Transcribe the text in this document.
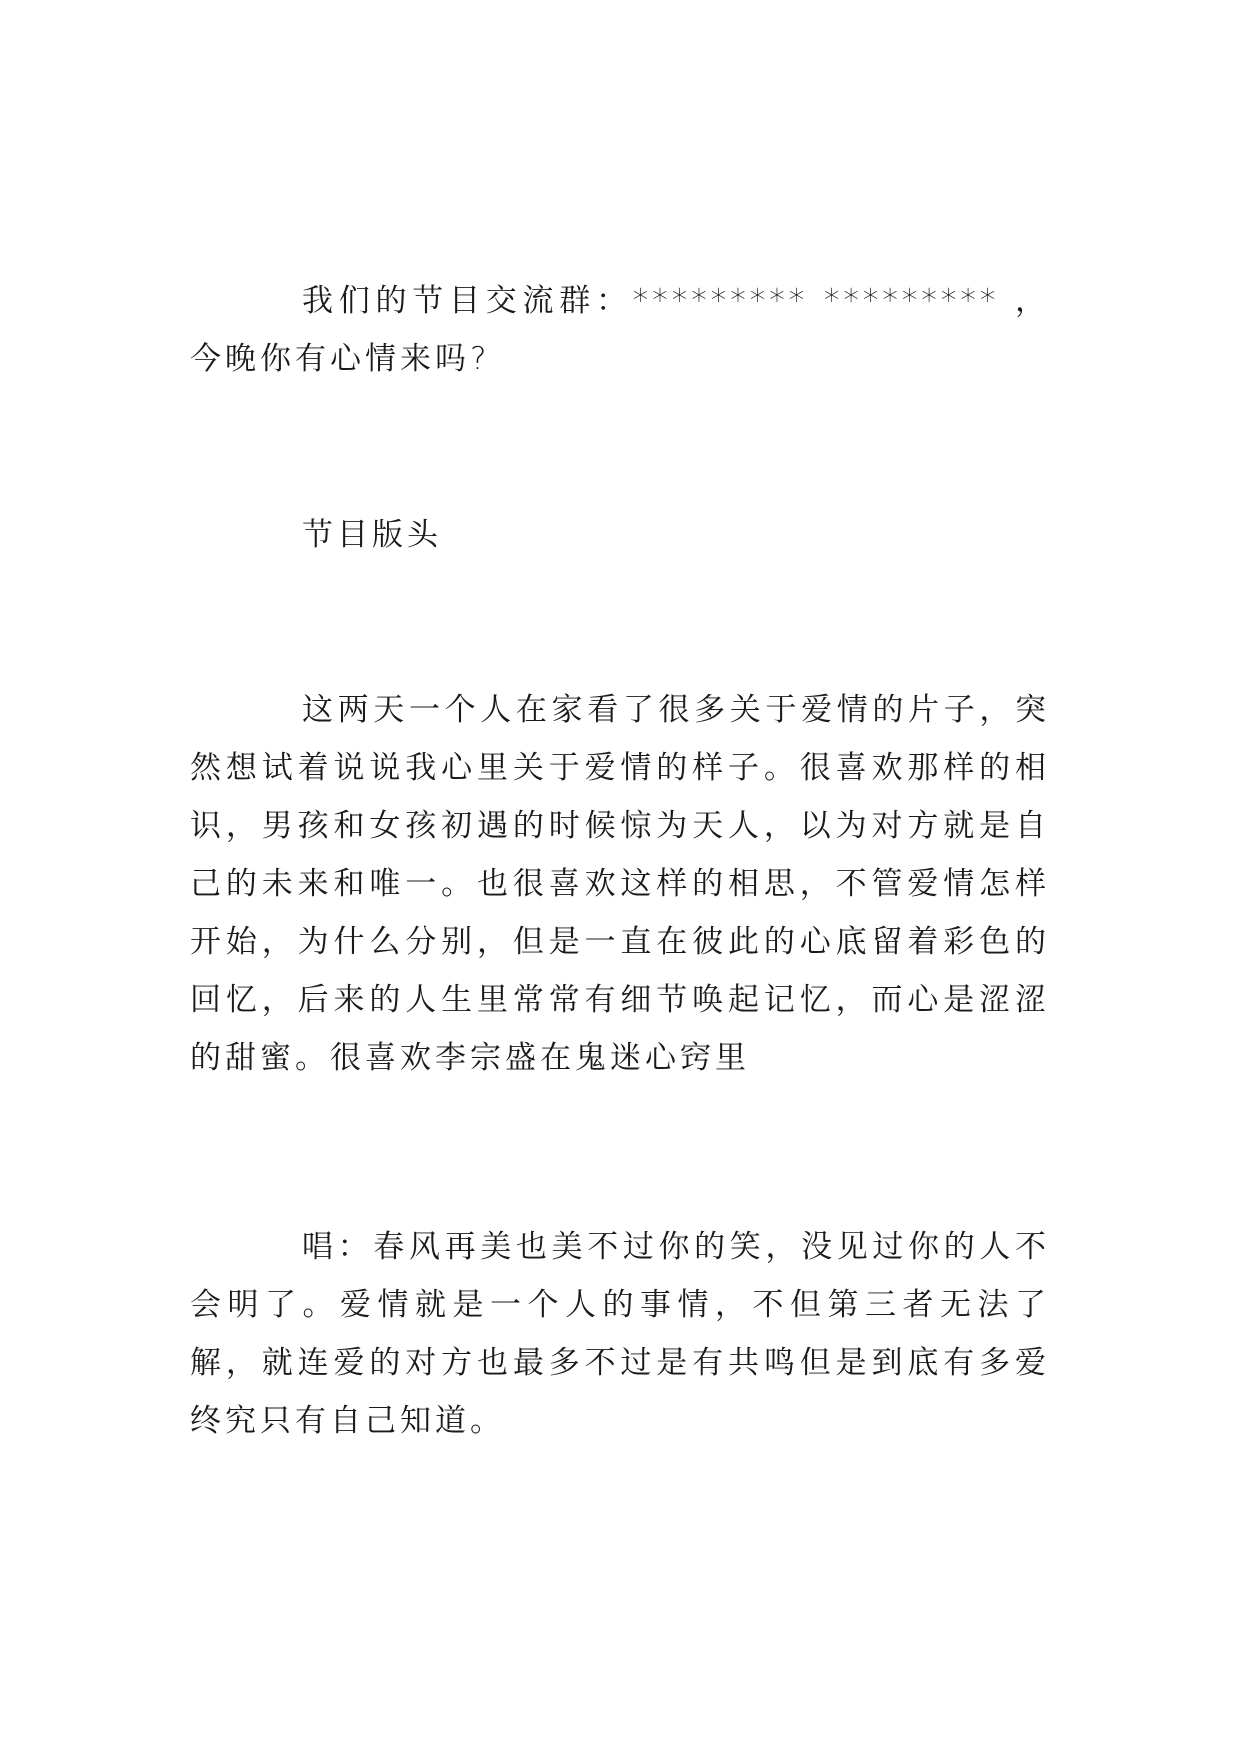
我们的节目交流群：********* ********* ，今晚你有心情来吗?

节目版头

这两天一个人在家看了很多关于爱情的片子，突然想试着说说我心里关于爱情的样子。很喜欢那样的相识，男孩和女孩初遇的时候惊为天人，以为对方就是自己的未来和唯一。也很喜欢这样的相思，不管爱情怎样开始，为什么分别，但是一直在彼此的心底留着彩色的回忆，后来的人生里常常有细节唤起记忆，而心是涩涩的甜蜜。很喜欢李宗盛在鬼迷心窍里

唱：春风再美也美不过你的笑，没见过你的人不会明了。爱情就是一个人的事情，不但第三者无法了解，就连爱的对方也最多不过是有共鸣但是到底有多爱终究只有自己知道。
